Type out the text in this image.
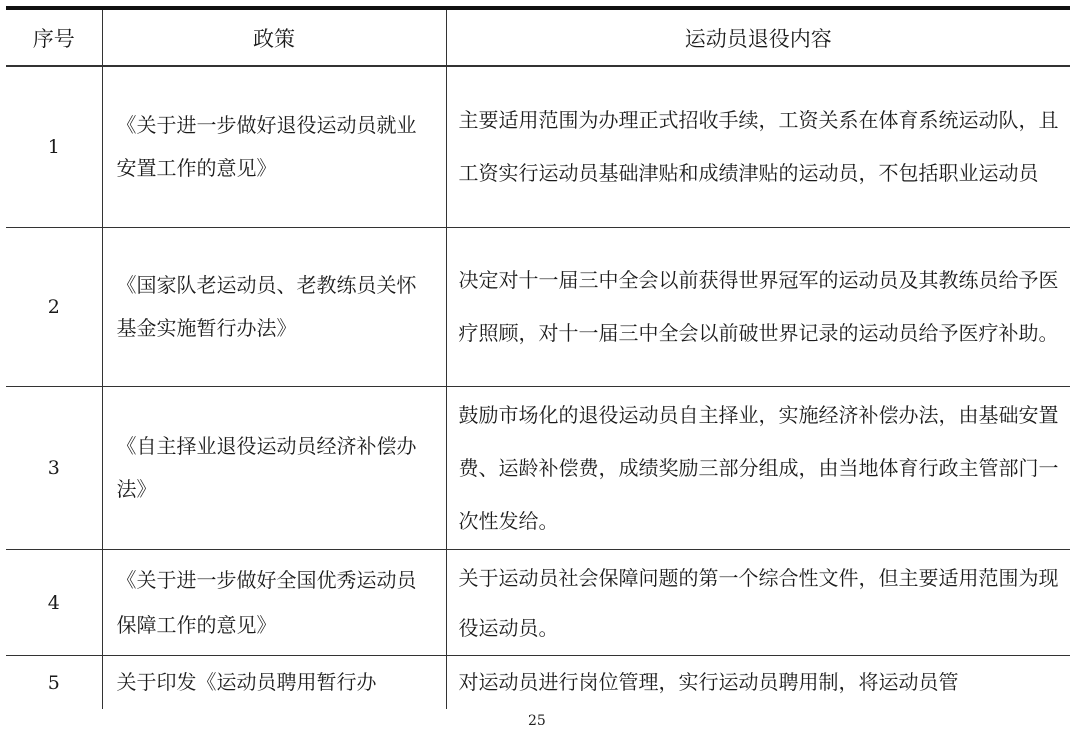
序号	政策	运动员退役内容
1	《关于进一步做好退役运动员就业安置工作的意见》	主要适用范围为办理正式招收手续，工资关系在体育系统运动队，且工资实行运动员基础津贴和成绩津贴的运动员，不包括职业运动员
2	《国家队老运动员、老教练员关怀基金实施暂行办法》	决定对十一届三中全会以前获得世界冠军的运动员及其教练员给予医疗照顾，对十一届三中全会以前破世界记录的运动员给予医疗补助。
3	《自主择业退役运动员经济补偿办法》	鼓励市场化的退役运动员自主择业，实施经济补偿办法，由基础安置费、运龄补偿费，成绩奖励三部分组成，由当地体育行政主管部门一次性发给。
4	《关于进一步做好全国优秀运动员保障工作的意见》	关于运动员社会保障问题的第一个综合性文件，但主要适用范围为现役运动员。
5	关于印发《运动员聘用暂行办	对运动员进行岗位管理，实行运动员聘用制，将运动员管
25
